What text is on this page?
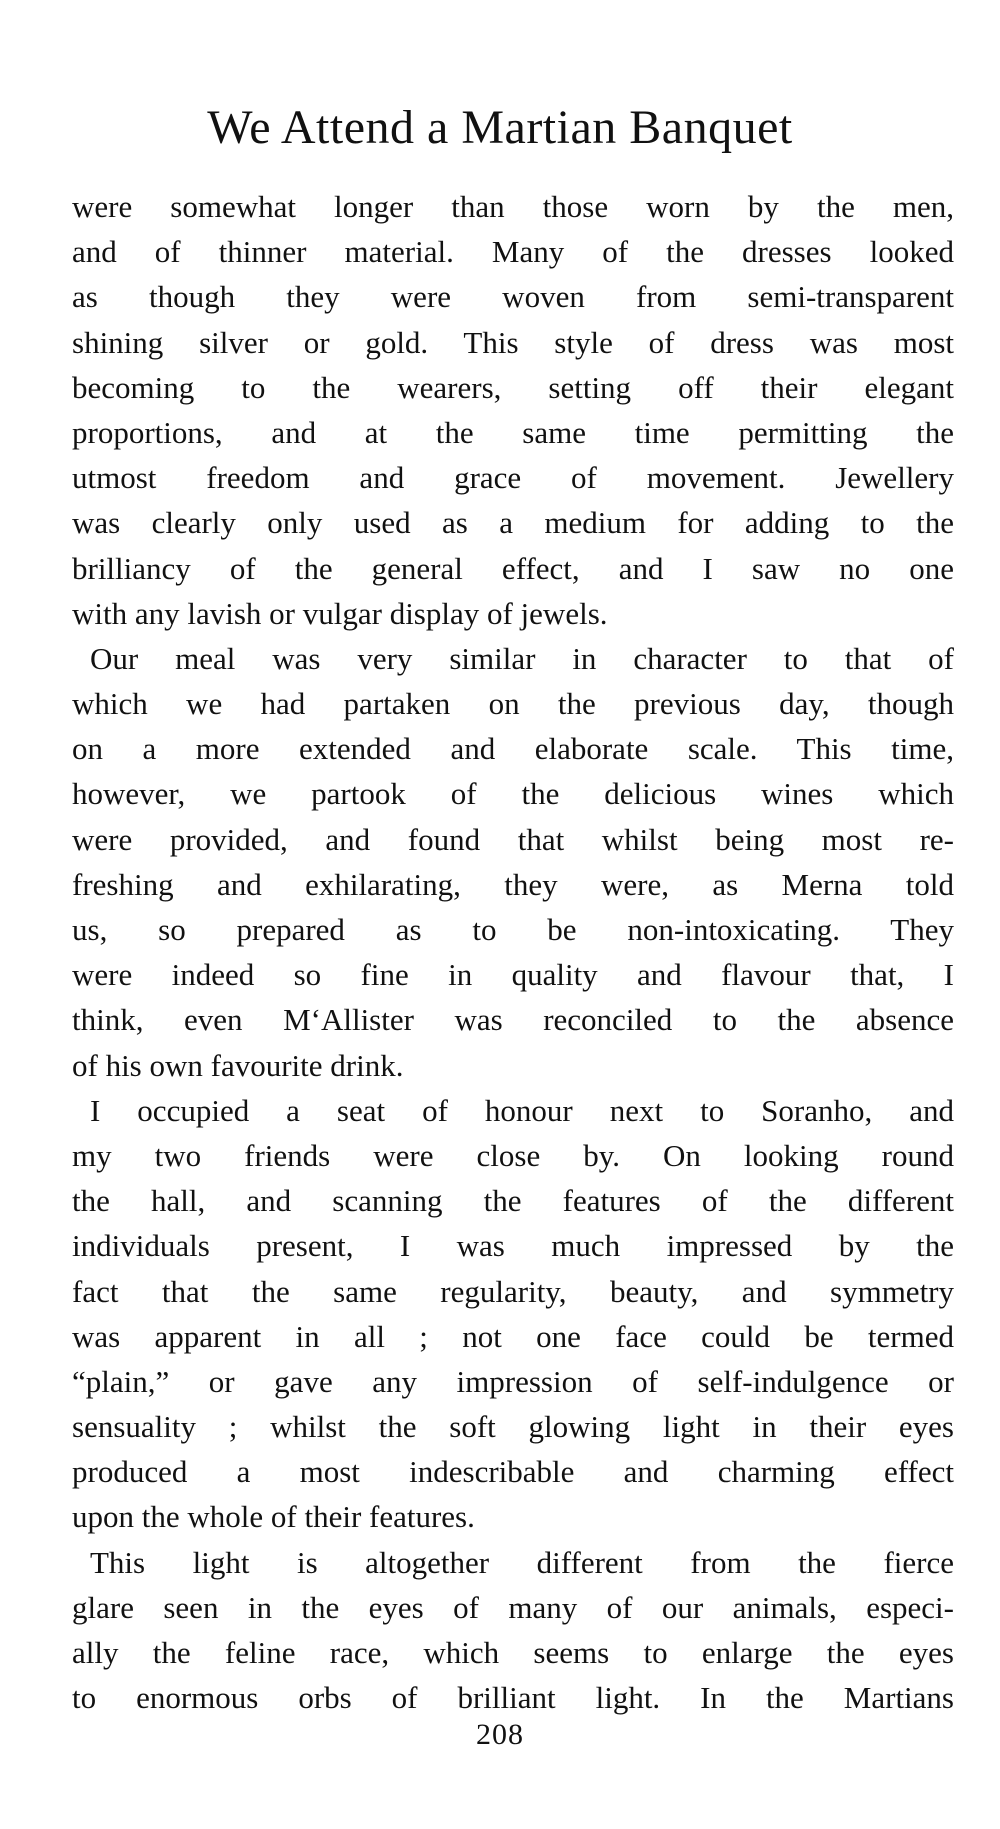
We Attend a Martian Banquet
were somewhat longer than those worn by the men,
and of thinner material. Many of the dresses looked
as though they were woven from semi-transparent
shining silver or gold. This style of dress was most
becoming to the wearers, setting off their elegant
proportions, and at the same time permitting the
utmost freedom and grace of movement. Jewellery
was clearly only used as a medium for adding to the
brilliancy of the general effect, and I saw no one
with any lavish or vulgar display of jewels.
Our meal was very similar in character to that of
which we had partaken on the previous day, though
on a more extended and elaborate scale. This time,
however, we partook of the delicious wines which
were provided, and found that whilst being most re-
freshing and exhilarating, they were, as Merna told
us, so prepared as to be non-intoxicating. They
were indeed so fine in quality and flavour that, I
think, even M‘Allister was reconciled to the absence
of his own favourite drink.
I occupied a seat of honour next to Soranho, and
my two friends were close by. On looking round
the hall, and scanning the features of the different
individuals present, I was much impressed by the
fact that the same regularity, beauty, and symmetry
was apparent in all ; not one face could be termed
“plain,” or gave any impression of self-indulgence or
sensuality ; whilst the soft glowing light in their eyes
produced a most indescribable and charming effect
upon the whole of their features.
This light is altogether different from the fierce
glare seen in the eyes of many of our animals, especi-
ally the feline race, which seems to enlarge the eyes
to enormous orbs of brilliant light. In the Martians
208
